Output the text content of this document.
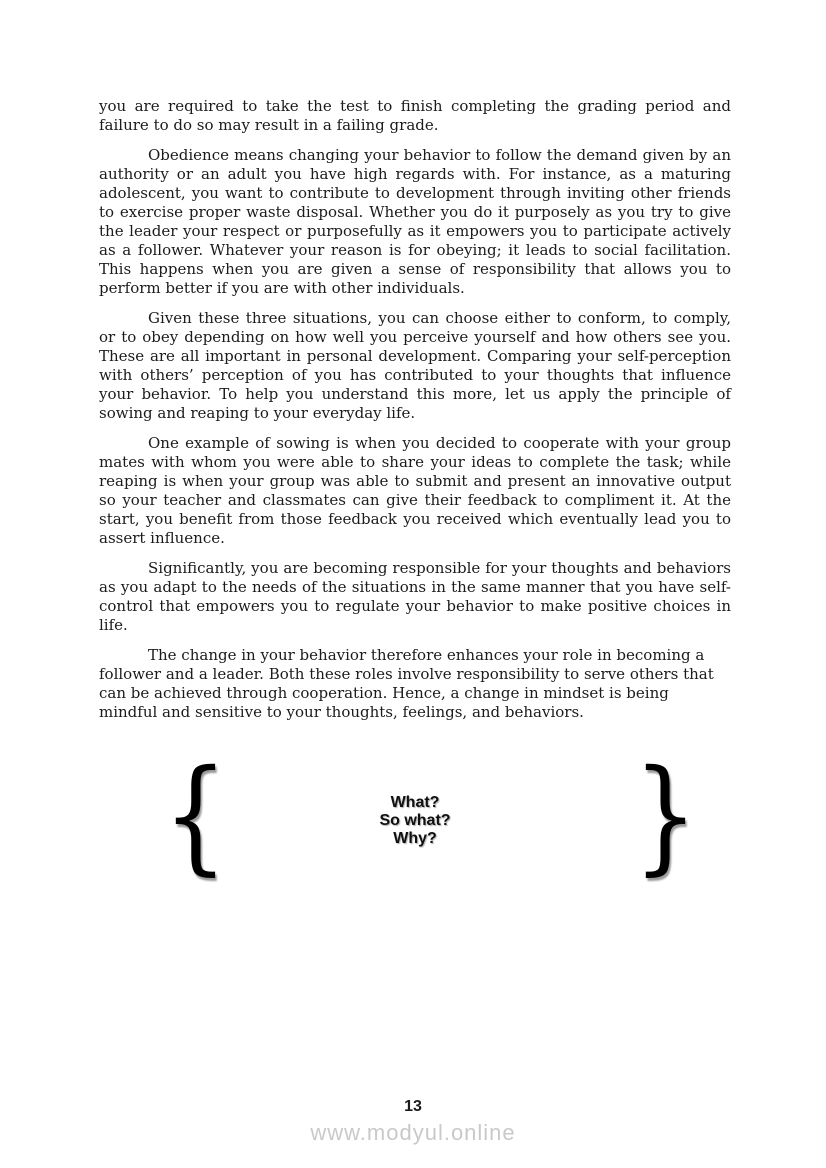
you are required to take the test to finish completing the grading period and failure to do so may result in a failing grade.

Obedience means changing your behavior to follow the demand given by an authority or an adult you have high regards with. For instance, as a maturing adolescent, you want to contribute to development through inviting other friends to exercise proper waste disposal. Whether you do it purposely as you try to give the leader your respect or purposefully as it empowers you to participate actively as a follower. Whatever your reason is for obeying; it leads to social facilitation. This happens when you are given a sense of responsibility that allows you to perform better if you are with other individuals.

Given these three situations, you can choose either to conform, to comply, or to obey depending on how well you perceive yourself and how others see you. These are all important in personal development. Comparing your self-perception with others’ perception of you has contributed to your thoughts that influence your behavior. To help you understand this more, let us apply the principle of sowing and reaping to your everyday life.

One example of sowing is when you decided to cooperate with your group mates with whom you were able to share your ideas to complete the task; while reaping is when your group was able to submit and present an innovative output so your teacher and classmates can give their feedback to compliment it. At the start, you benefit from those feedback you received which eventually lead you to assert influence.

Significantly, you are becoming responsible for your thoughts and behaviors as you adapt to the needs of the situations in the same manner that you have self-control that empowers you to regulate your behavior to make positive choices in life.

The change in your behavior therefore enhances your role in becoming a follower and a leader. Both these roles involve responsibility to serve others that can be achieved through cooperation. Hence, a change in mindset is being mindful and sensitive to your thoughts, feelings, and behaviors.

{	What?
So what?
Why?	}
13
www.modyul.online
